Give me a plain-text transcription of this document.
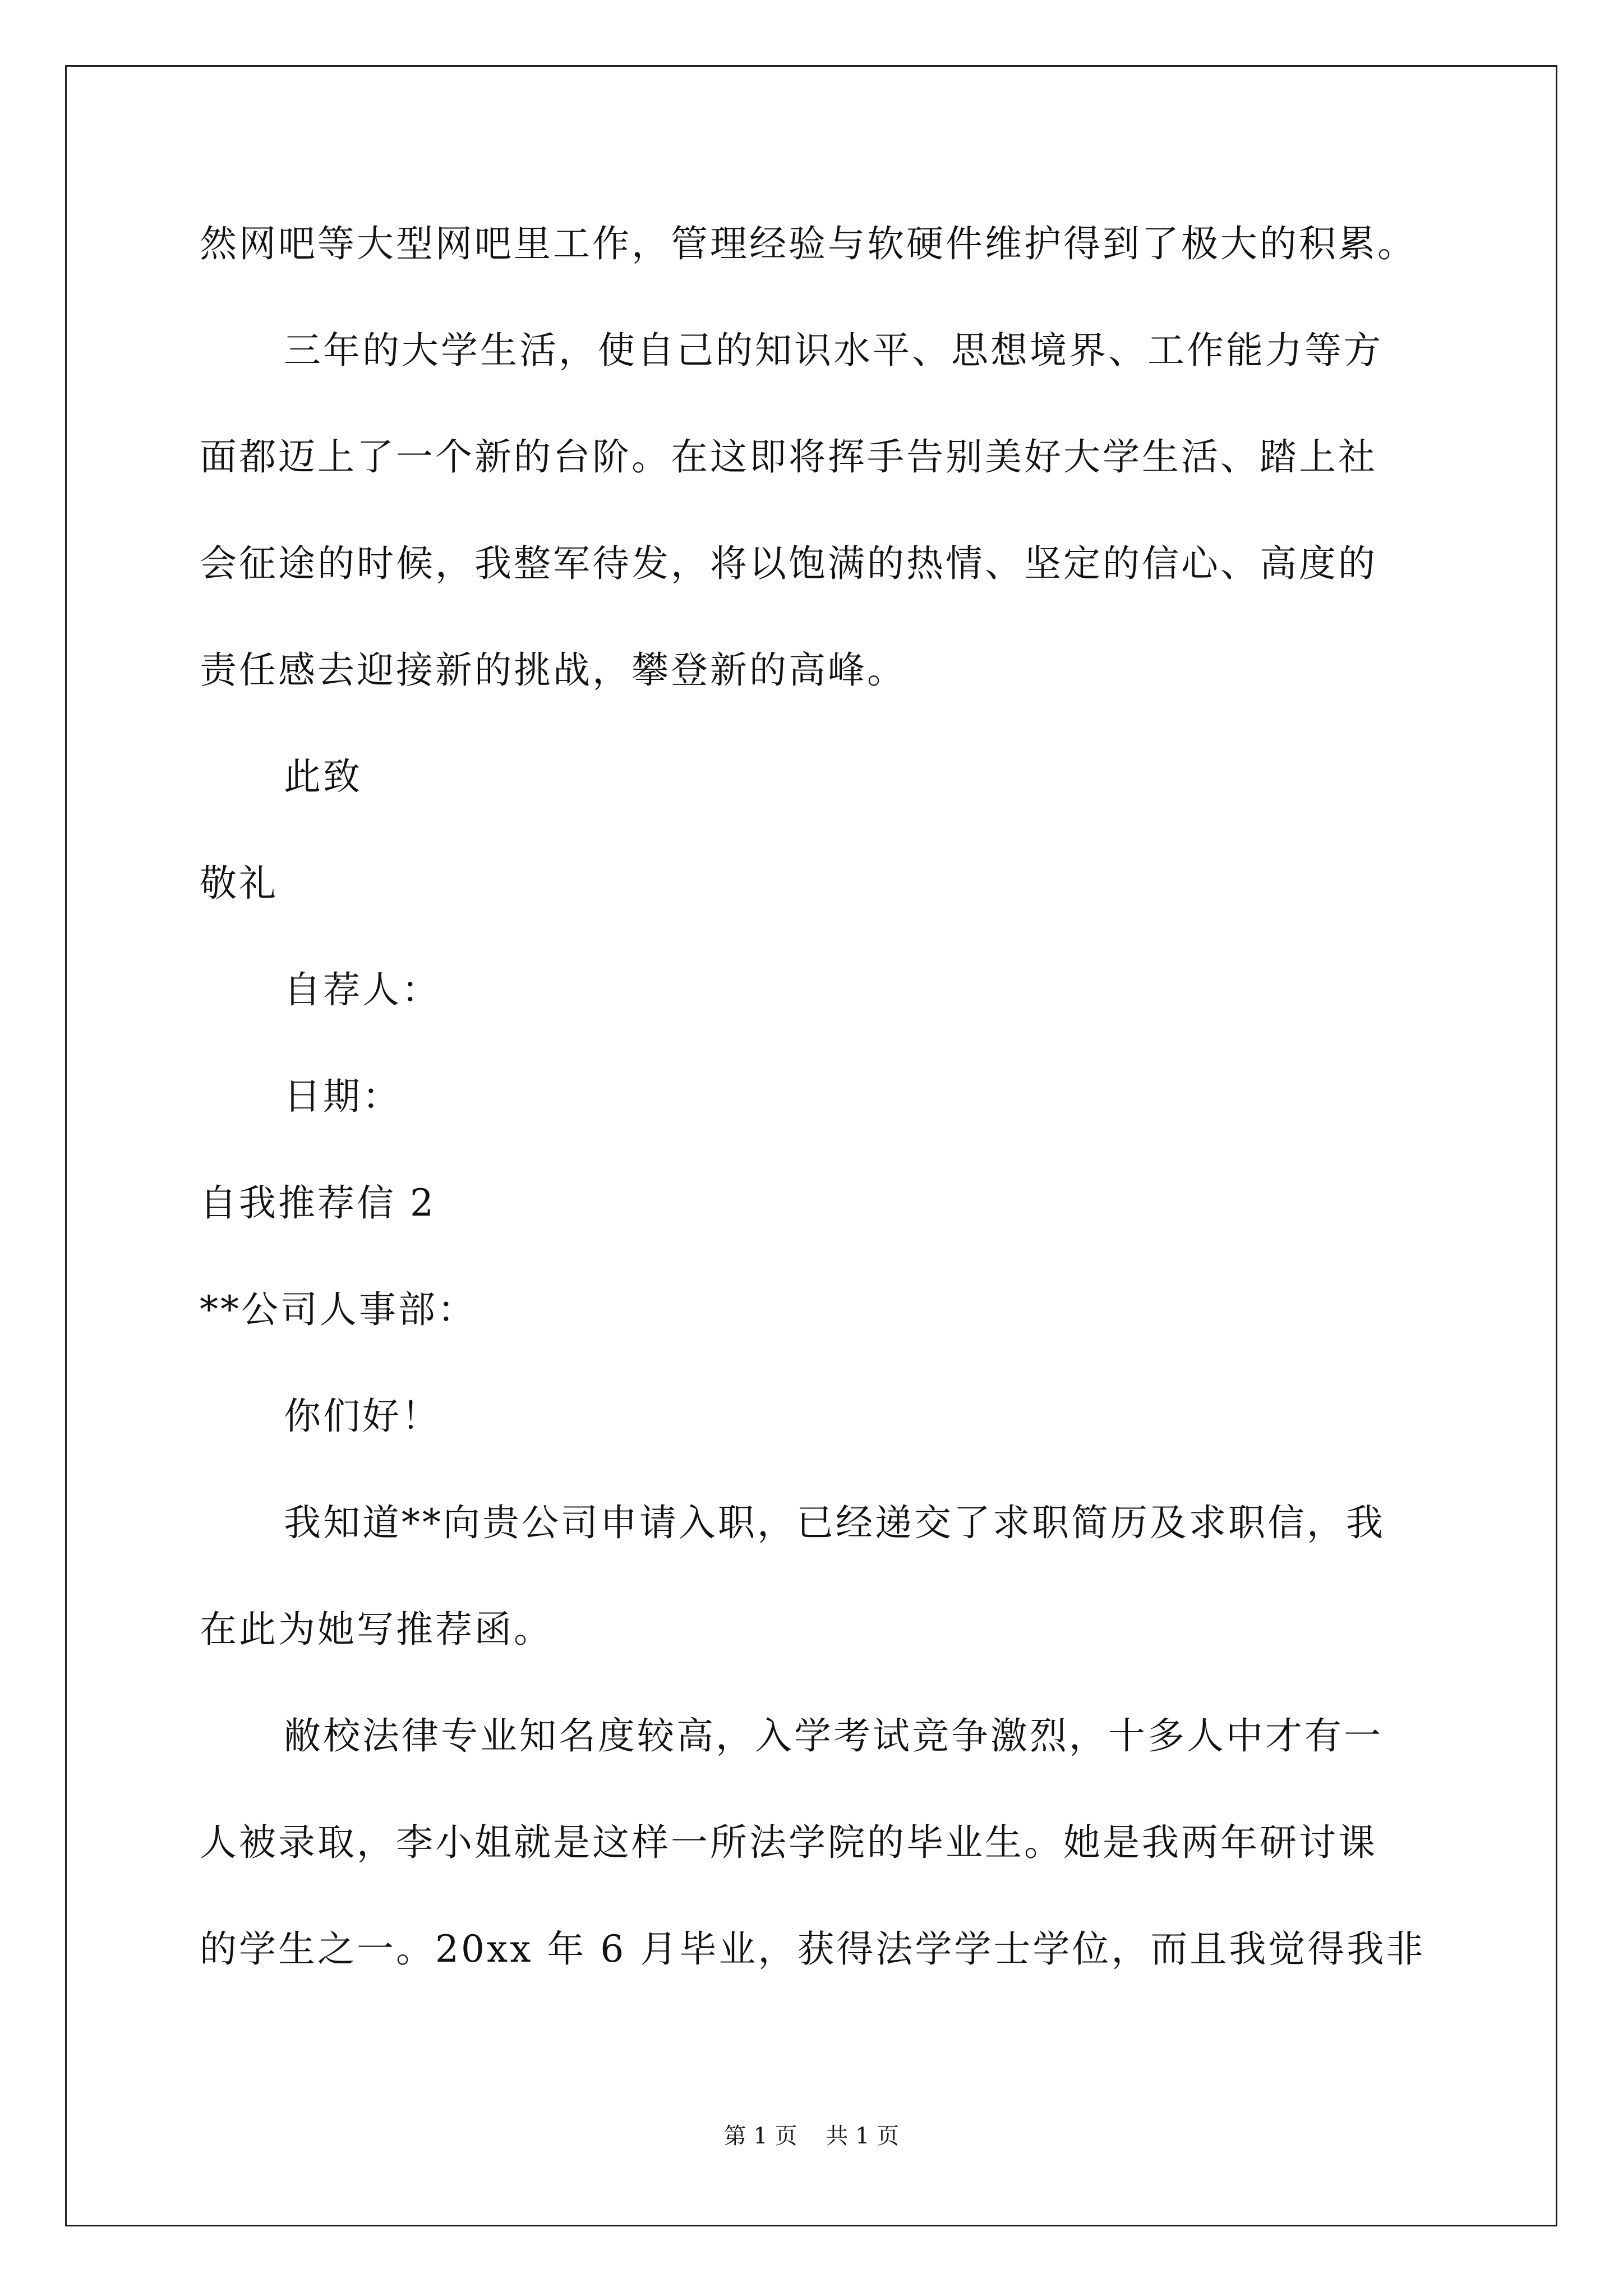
然网吧等大型网吧里工作，管理经验与软硬件维护得到了极大的积累。
三年的大学生活，使自己的知识水平、思想境界、工作能力等方
面都迈上了一个新的台阶。在这即将挥手告别美好大学生活、踏上社
会征途的时候，我整军待发，将以饱满的热情、坚定的信心、高度的
责任感去迎接新的挑战，攀登新的高峰。
此致
敬礼
自荐人：
日期：
自我推荐信 2
**公司人事部：
你们好！
我知道**向贵公司申请入职，已经递交了求职简历及求职信，我
在此为她写推荐函。
敝校法律专业知名度较高，入学考试竞争激烈，十多人中才有一
人被录取，李小姐就是这样一所法学院的毕业生。她是我两年研讨课
的学生之一。20xx 年 6 月毕业，获得法学学士学位，而且我觉得我非
第 1 页    共 1 页
